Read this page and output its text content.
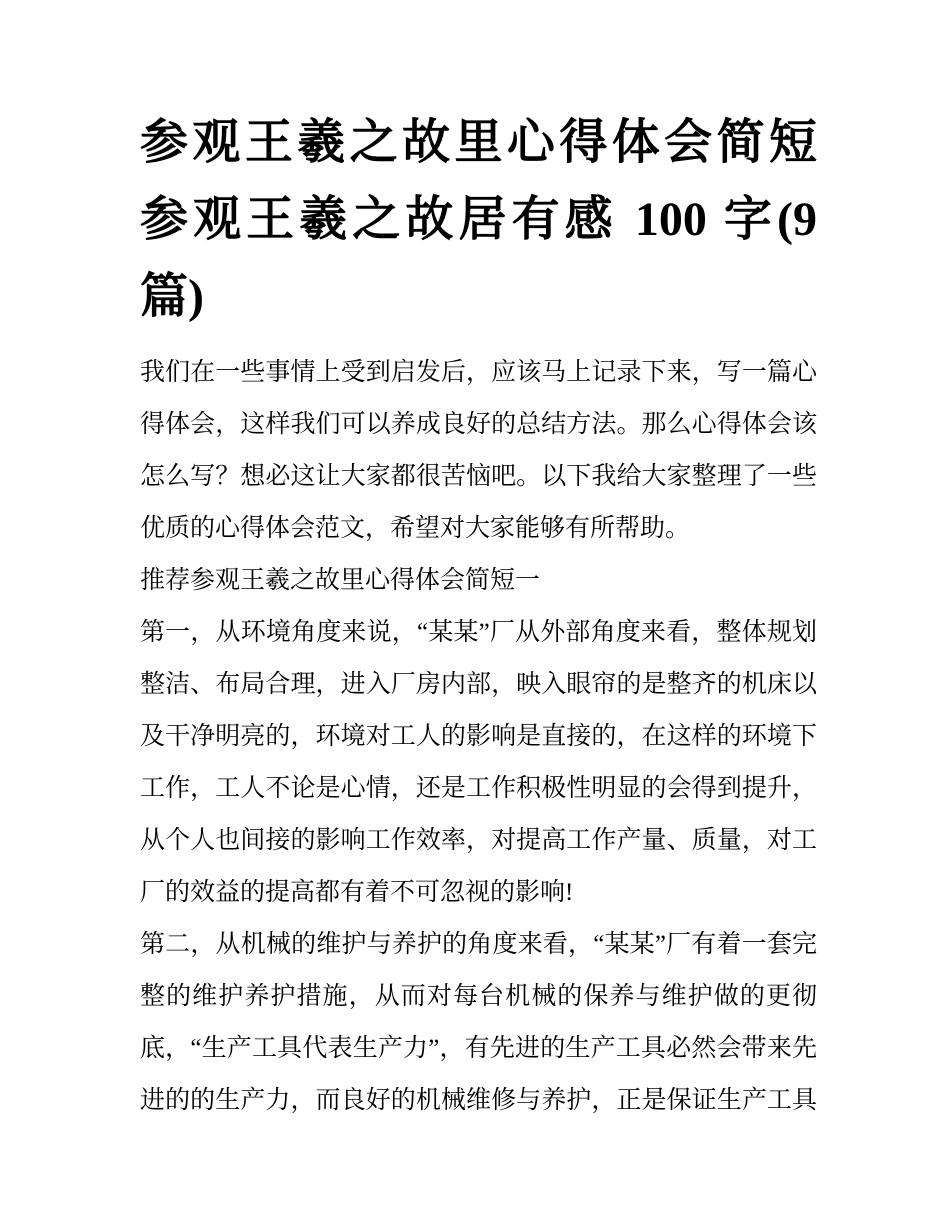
参观王羲之故里心得体会简短
参观王羲之故居有感 100 字(9
篇)

我们在一些事情上受到启发后，应该马上记录下来，写一篇心
得体会，这样我们可以养成良好的总结方法。那么心得体会该
怎么写？想必这让大家都很苦恼吧。以下我给大家整理了一些
优质的心得体会范文，希望对大家能够有所帮助。

推荐参观王羲之故里心得体会简短一

第一，从环境角度来说，“某某”厂从外部角度来看，整体规划
整洁、布局合理，进入厂房内部，映入眼帘的是整齐的机床以
及干净明亮的，环境对工人的影响是直接的，在这样的环境下
工作，工人不论是心情，还是工作积极性明显的会得到提升，
从个人也间接的影响工作效率，对提高工作产量、质量，对工
厂的效益的提高都有着不可忽视的影响!

第二，从机械的维护与养护的角度来看，“某某”厂有着一套完
整的维护养护措施，从而对每台机械的保养与维护做的更彻
底，“生产工具代表生产力”，有先进的生产工具必然会带来先
进的的生产力，而良好的机械维修与养护，正是保证生产工具
